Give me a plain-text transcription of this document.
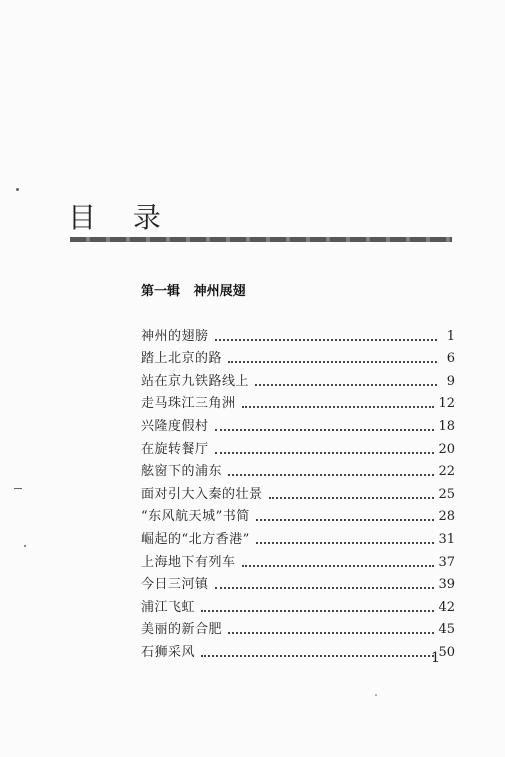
目 录
第一辑   神州展翅
神州的翅膀	1
踏上北京的路	6
站在京九铁路线上	9
走马珠江三角洲	12
兴隆度假村	18
在旋转餐厅	20
舷窗下的浦东	22
面对引大入秦的壮景	25
“东风航天城”书简	28
崛起的“北方香港”	31
上海地下有列车	37
今日三河镇	39
浦江飞虹	42
美丽的新合肥	45
石狮采风	50
1
